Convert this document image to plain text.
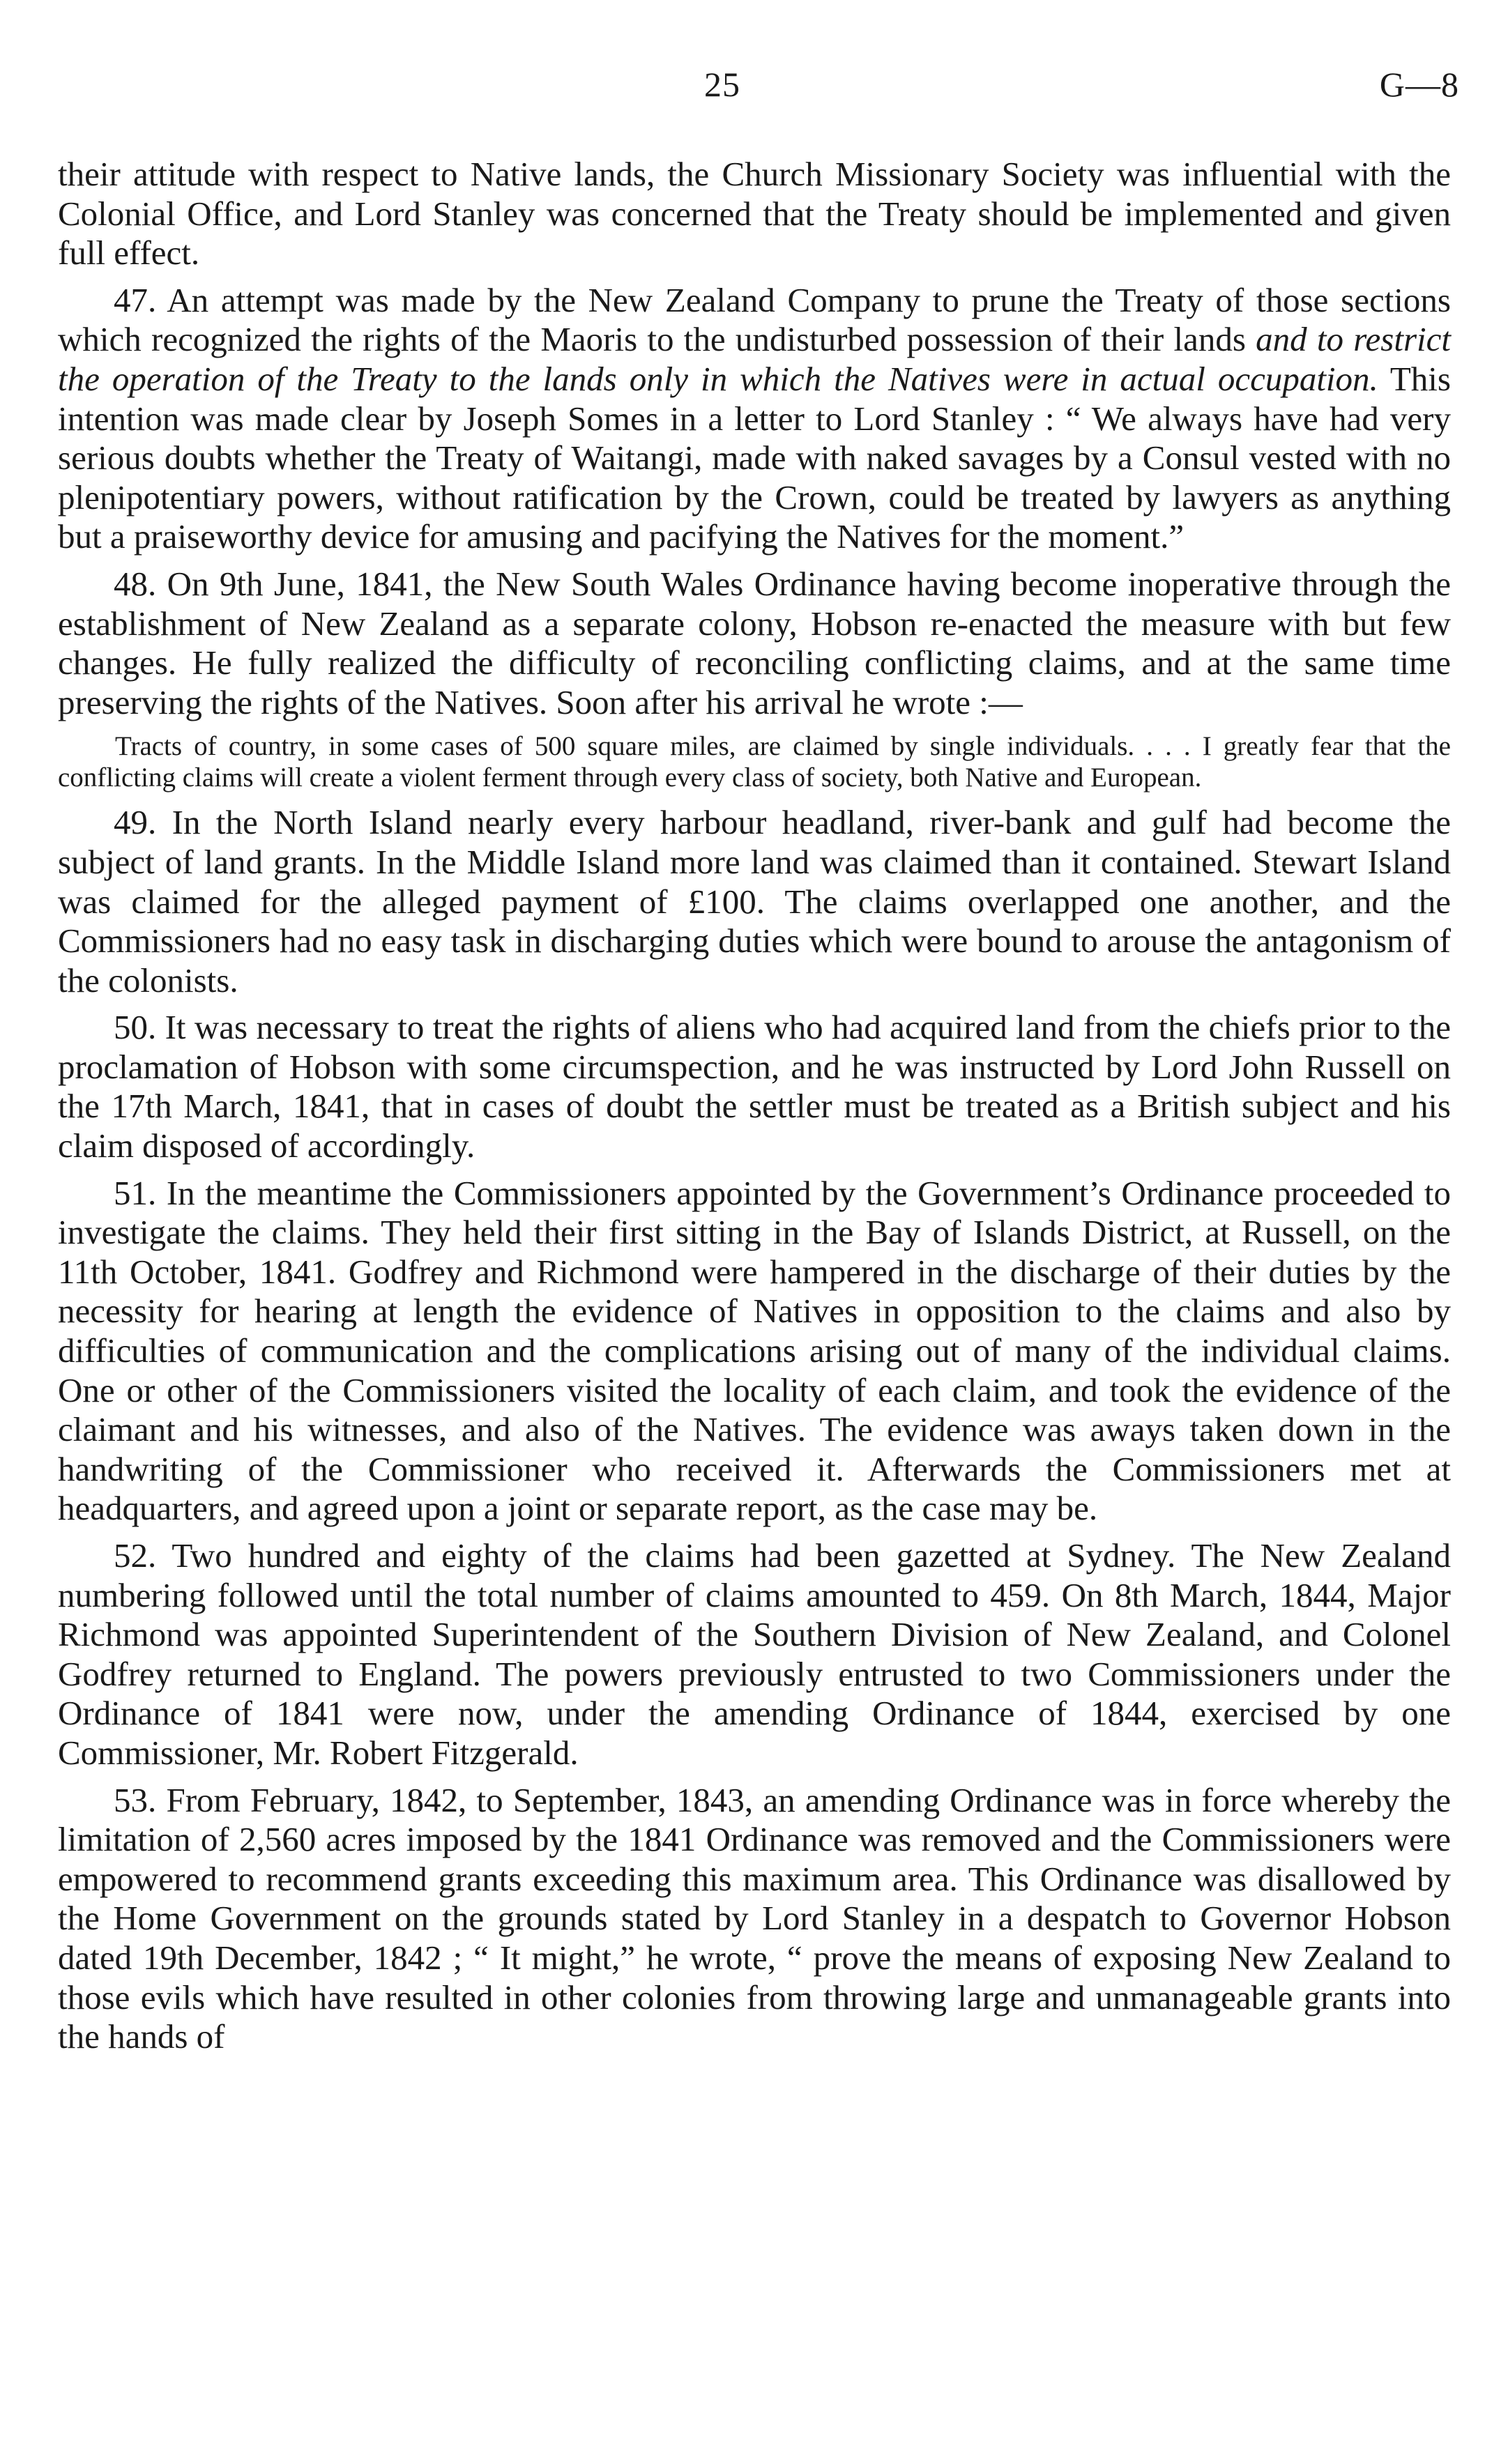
25	G—8

their attitude with respect to Native lands, the Church Missionary Society was influential with the Colonial Office, and Lord Stanley was concerned that the Treaty should be implemented and given full effect.

47. An attempt was made by the New Zealand Company to prune the Treaty of those sections which recognized the rights of the Maoris to the undisturbed possession of their lands and to restrict the operation of the Treaty to the lands only in which the Natives were in actual occupation. This intention was made clear by Joseph Somes in a letter to Lord Stanley : “ We always have had very serious doubts whether the Treaty of Waitangi, made with naked savages by a Consul vested with no plenipotentiary powers, without ratification by the Crown, could be treated by lawyers as anything but a praiseworthy device for amusing and pacifying the Natives for the moment.”

48. On 9th June, 1841, the New South Wales Ordinance having become inoperative through the establishment of New Zealand as a separate colony, Hobson re-enacted the measure with but few changes. He fully realized the difficulty of reconciling conflicting claims, and at the same time preserving the rights of the Natives. Soon after his arrival he wrote :—

Tracts of country, in some cases of 500 square miles, are claimed by single individuals. . . . I greatly fear that the conflicting claims will create a violent ferment through every class of society, both Native and European.

49. In the North Island nearly every harbour headland, river-bank and gulf had become the subject of land grants. In the Middle Island more land was claimed than it contained. Stewart Island was claimed for the alleged payment of £100. The claims overlapped one another, and the Commissioners had no easy task in discharging duties which were bound to arouse the antagonism of the colonists.

50. It was necessary to treat the rights of aliens who had acquired land from the chiefs prior to the proclamation of Hobson with some circumspection, and he was instructed by Lord John Russell on the 17th March, 1841, that in cases of doubt the settler must be treated as a British subject and his claim disposed of accordingly.

51. In the meantime the Commissioners appointed by the Government’s Ordinance proceeded to investigate the claims. They held their first sitting in the Bay of Islands District, at Russell, on the 11th October, 1841. Godfrey and Richmond were hampered in the discharge of their duties by the necessity for hearing at length the evidence of Natives in opposition to the claims and also by difficulties of communication and the complications arising out of many of the individual claims. One or other of the Commissioners visited the locality of each claim, and took the evidence of the claimant and his witnesses, and also of the Natives. The evidence was aways taken down in the handwriting of the Commissioner who received it. Afterwards the Commissioners met at headquarters, and agreed upon a joint or separate report, as the case may be.

52. Two hundred and eighty of the claims had been gazetted at Sydney. The New Zealand numbering followed until the total number of claims amounted to 459. On 8th March, 1844, Major Richmond was appointed Superintendent of the Southern Division of New Zealand, and Colonel Godfrey returned to England. The powers previously entrusted to two Commissioners under the Ordinance of 1841 were now, under the amending Ordinance of 1844, exercised by one Commissioner, Mr. Robert Fitzgerald.

53. From February, 1842, to September, 1843, an amending Ordinance was in force whereby the limitation of 2,560 acres imposed by the 1841 Ordinance was removed and the Commissioners were empowered to recommend grants exceeding this maximum area. This Ordinance was disallowed by the Home Government on the grounds stated by Lord Stanley in a despatch to Governor Hobson dated 19th December, 1842 ; “ It might,” he wrote, “ prove the means of exposing New Zealand to those evils which have resulted in other colonies from throwing large and unmanageable grants into the hands of
